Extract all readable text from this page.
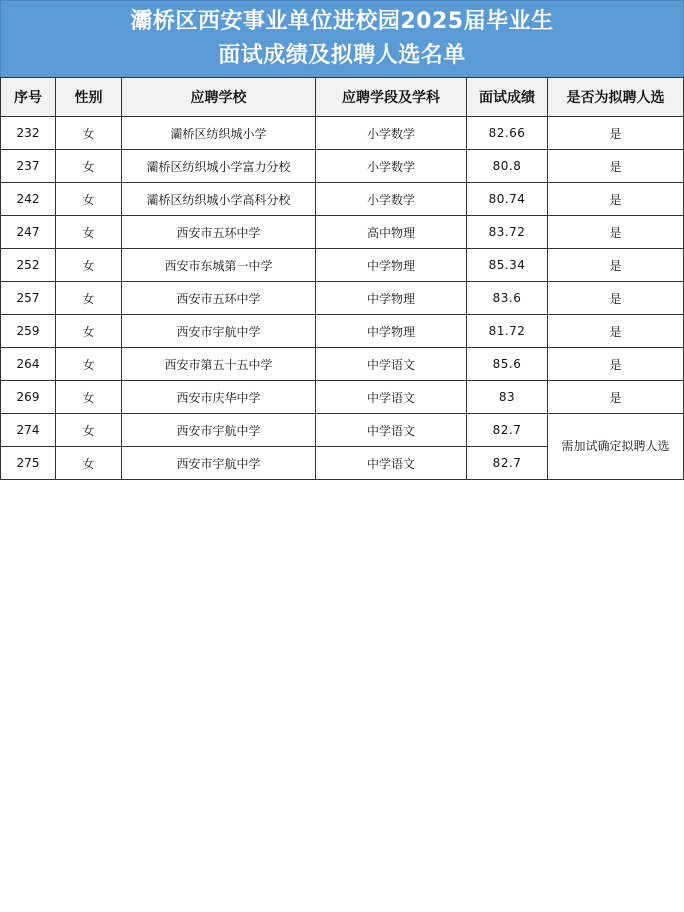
灞桥区西安事业单位进校园2025届毕业生
面试成绩及拟聘人选名单
序号	性别	应聘学校	应聘学段及学科	面试成绩	是否为拟聘人选
232	女	灞桥区纺织城小学	小学数学	82.66	是
237	女	灞桥区纺织城小学富力分校	小学数学	80.8	是
242	女	灞桥区纺织城小学高科分校	小学数学	80.74	是
247	女	西安市五环中学	高中物理	83.72	是
252	女	西安市东城第一中学	中学物理	85.34	是
257	女	西安市五环中学	中学物理	83.6	是
259	女	西安市宇航中学	中学物理	81.72	是
264	女	西安市第五十五中学	中学语文	85.6	是
269	女	西安市庆华中学	中学语文	83	是
274	女	西安市宇航中学	中学语文	82.7	需加试确定拟聘人选
275	女	西安市宇航中学	中学语文	82.7	
